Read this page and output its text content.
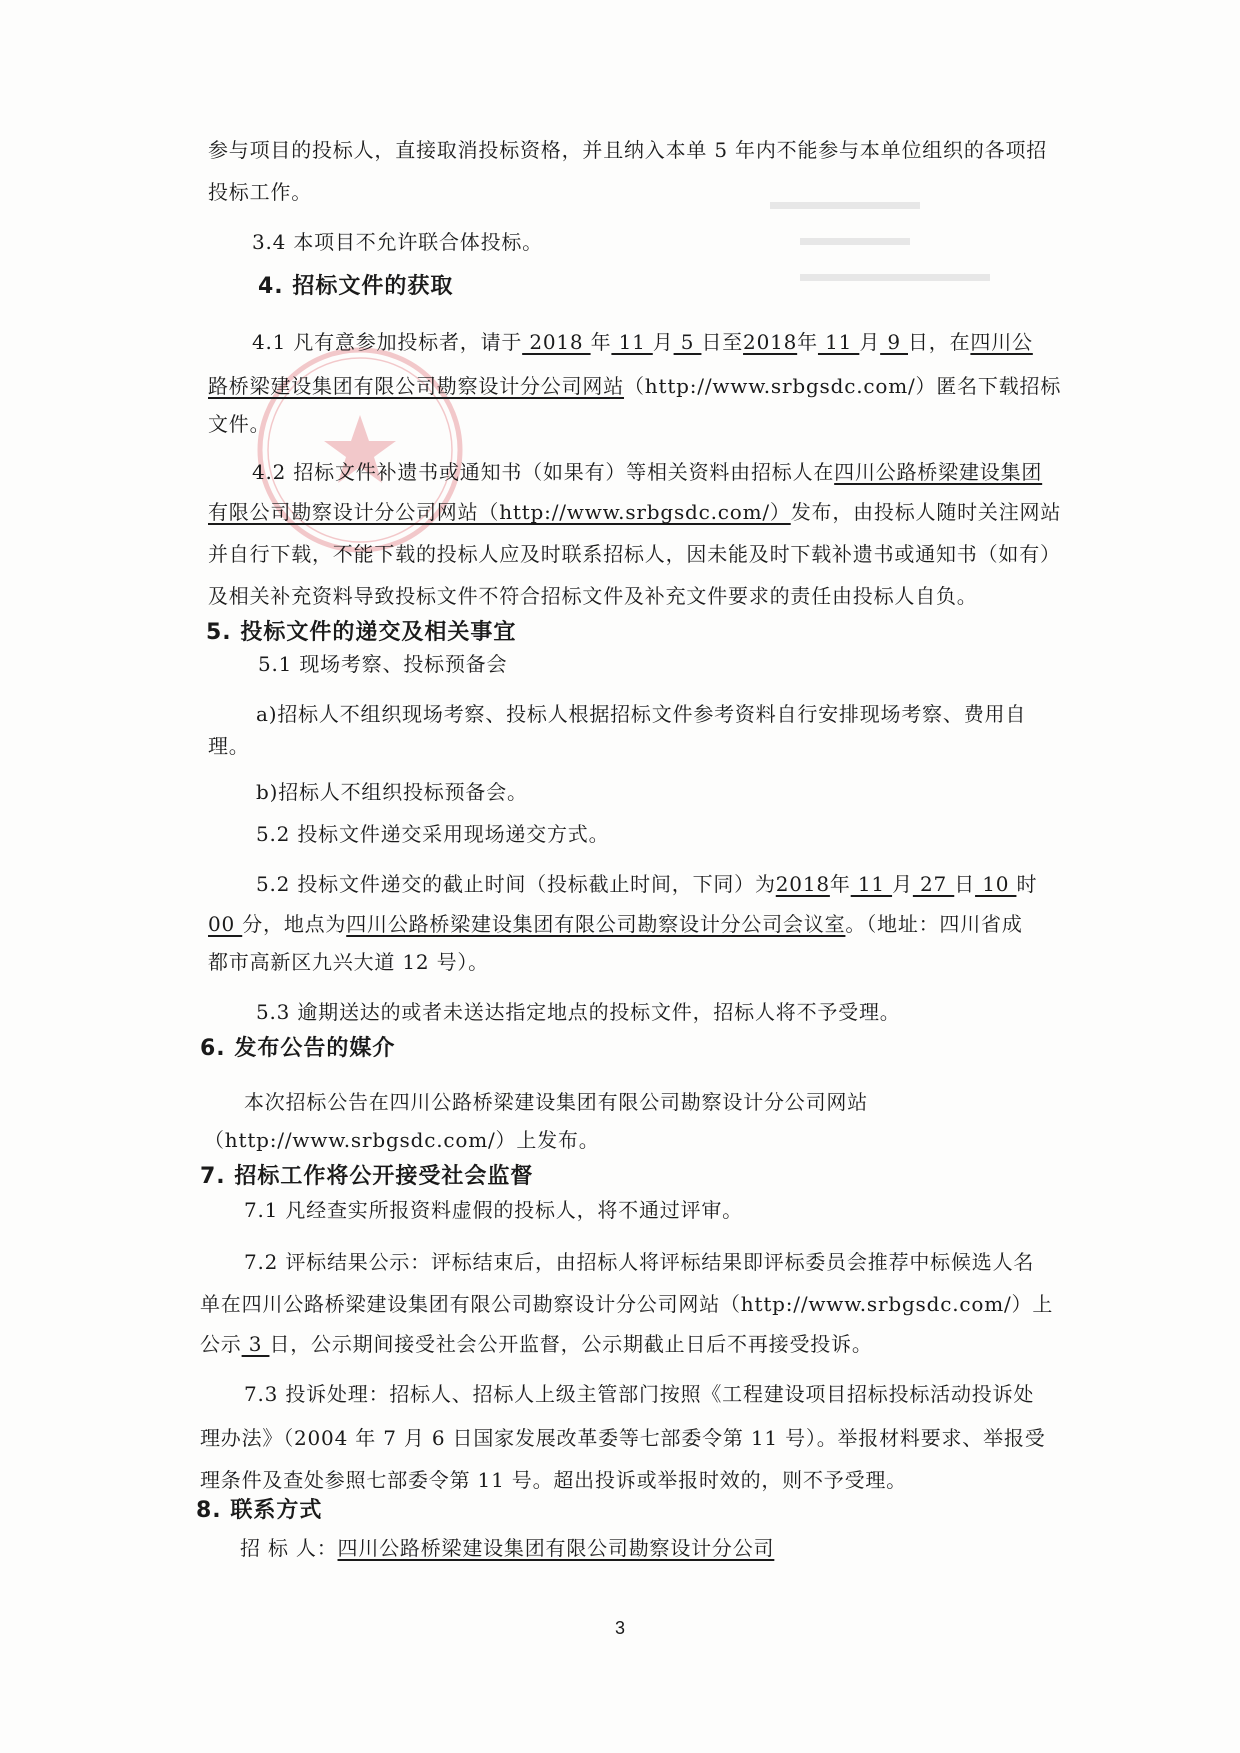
参与项目的投标人，直接取消投标资格，并且纳入本单 5 年内不能参与本单位组织的各项招

投标工作。

3.4 本项目不允许联合体投标。

4. 招标文件的获取

4.1 凡有意参加投标者，请于 2018 年 11 月 5 日至2018年 11 月 9 日，在四川公

路桥梁建设集团有限公司勘察设计分公司网站（http://www.srbgsdc.com/）匿名下载招标

文件。

4.2 招标文件补遗书或通知书（如果有）等相关资料由招标人在四川公路桥梁建设集团

有限公司勘察设计分公司网站（http://www.srbgsdc.com/）发布，由投标人随时关注网站

并自行下载，不能下载的投标人应及时联系招标人，因未能及时下载补遗书或通知书（如有）

及相关补充资料导致投标文件不符合招标文件及补充文件要求的责任由投标人自负。

5. 投标文件的递交及相关事宜

5.1 现场考察、投标预备会

a)招标人不组织现场考察、投标人根据招标文件参考资料自行安排现场考察、费用自

理。

b)招标人不组织投标预备会。

5.2 投标文件递交采用现场递交方式。

5.2 投标文件递交的截止时间（投标截止时间，下同）为2018年 11 月 27 日 10 时

00 分，地点为四川公路桥梁建设集团有限公司勘察设计分公司会议室。（地址：四川省成

都市高新区九兴大道 12 号）。

5.3 逾期送达的或者未送达指定地点的投标文件，招标人将不予受理。

6. 发布公告的媒介

本次招标公告在四川公路桥梁建设集团有限公司勘察设计分公司网站

（http://www.srbgsdc.com/）上发布。

7. 招标工作将公开接受社会监督

7.1 凡经查实所报资料虚假的投标人，将不通过评审。

7.2 评标结果公示：评标结束后，由招标人将评标结果即评标委员会推荐中标候选人名

单在四川公路桥梁建设集团有限公司勘察设计分公司网站（http://www.srbgsdc.com/）上

公示 3 日，公示期间接受社会公开监督，公示期截止日后不再接受投诉。

7.3 投诉处理：招标人、招标人上级主管部门按照《工程建设项目招标投标活动投诉处

理办法》（2004 年 7 月 6 日国家发展改革委等七部委令第 11 号）。举报材料要求、举报受

理条件及查处参照七部委令第 11 号。超出投诉或举报时效的，则不予受理。

8. 联系方式

招 标 人：四川公路桥梁建设集团有限公司勘察设计分公司

3
